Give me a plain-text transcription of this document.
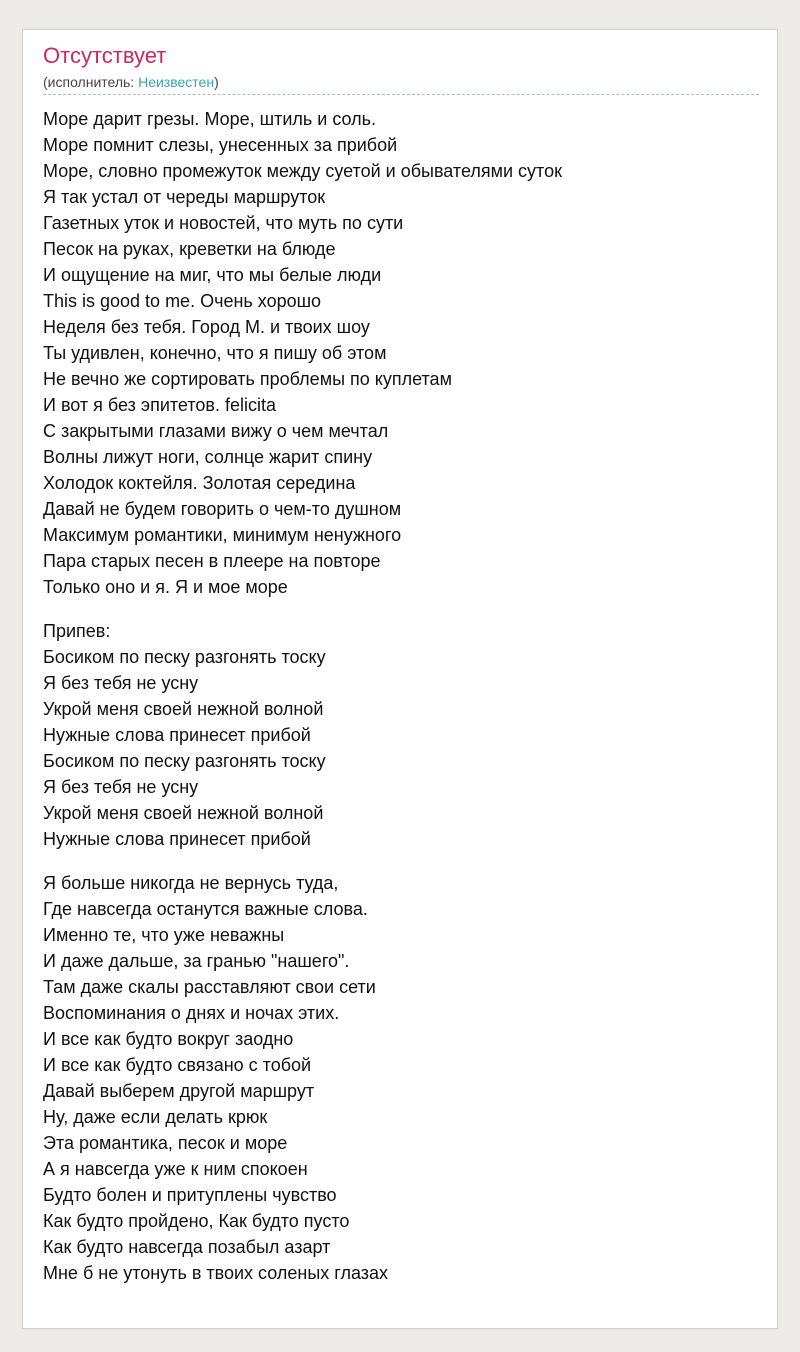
Отсутствует
(исполнитель: Неизвестен)
Море дарит грезы. Море, штиль и соль.
Море помнит слезы, унесенных за прибой
Море, словно промежуток между суетой и обывателями суток
Я так устал от череды маршруток
Газетных уток и новостей, что муть по сути
Песок на руках, креветки на блюде
И ощущение на миг, что мы белые люди
This is good to me. Очень хорошо
Неделя без тебя. Город М. и твоих шоу
Ты удивлен, конечно, что я пишу об этом
Не вечно же сортировать проблемы по куплетам
И вот я без эпитетов. felicita
С закрытыми глазами вижу о чем мечтал
Волны лижут ноги, солнце жарит спину
Холодок коктейля. Золотая середина
Давай не будем говорить о чем-то душном
Максимум романтики, минимум ненужного
Пара старых песен в плеере на повторе
Только оно и я. Я и мое море
Припев:
Босиком по песку разгонять тоску
Я без тебя не усну
Укрой меня своей нежной волной
Нужные слова принесет прибой
Босиком по песку разгонять тоску
Я без тебя не усну
Укрой меня своей нежной волной
Нужные слова принесет прибой
Я больше никогда не вернусь туда,
Где навсегда останутся важные слова.
Именно те, что уже неважны
И даже дальше, за гранью "нашего".
Там даже скалы расставляют свои сети
Воспоминания о днях и ночах этих.
И все как будто вокруг заодно
И все как будто связано с тобой
Давай выберем другой маршрут
Ну, даже если делать крюк
Эта романтика, песок и море
А я навсегда уже к ним спокоен
Будто болен и притуплены чувство
Как будто пройдено, Как будто пусто
Как будто навсегда позабыл азарт
Мне б не утонуть в твоих соленых глазах
